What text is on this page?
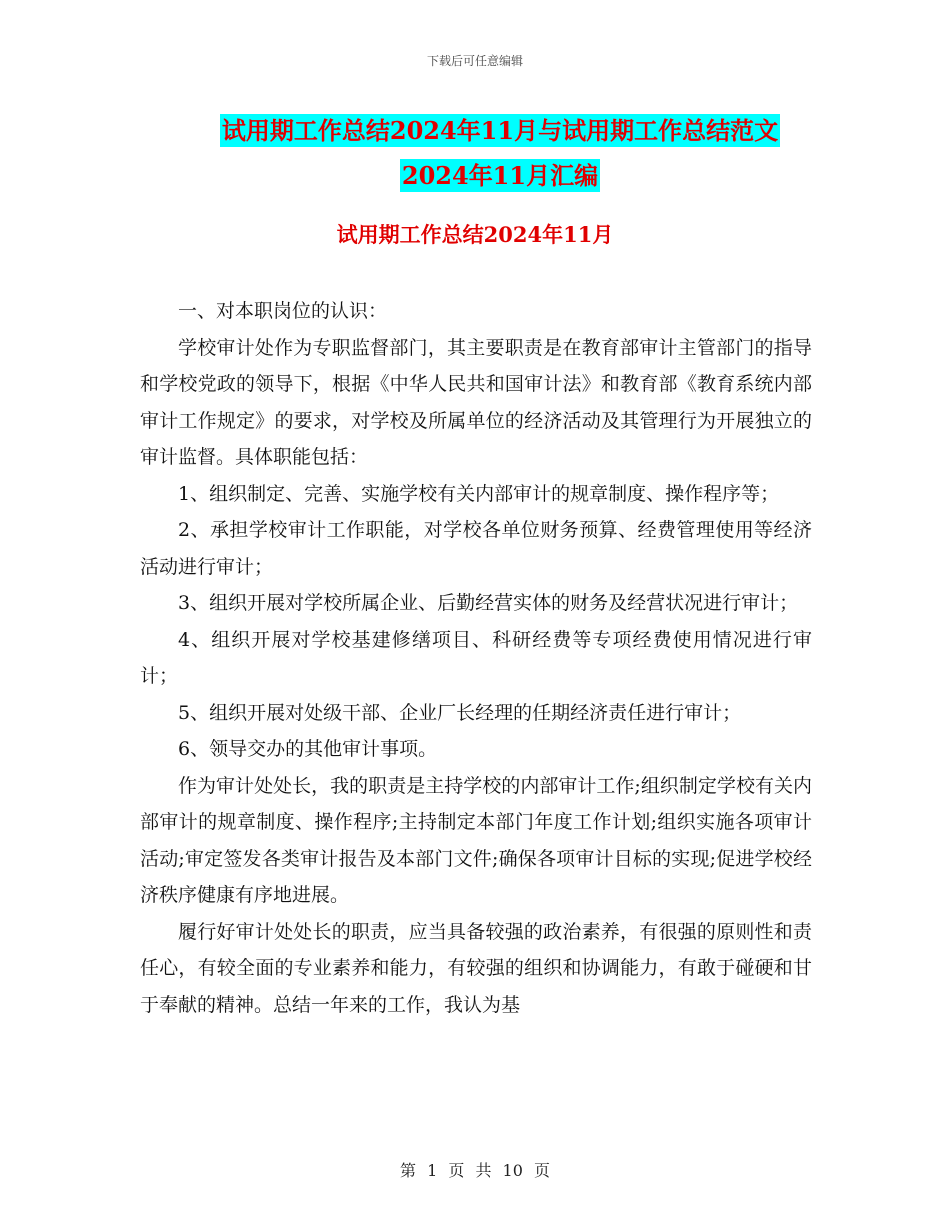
下载后可任意编辑
试用期工作总结2024年11月与试用期工作总结范文
2024年11月汇编
试用期工作总结2024年11月

一、对本职岗位的认识：

学校审计处作为专职监督部门，其主要职责是在教育部审计主管部门的指导和学校党政的领导下，根据《中华人民共和国审计法》和教育部《教育系统内部审计工作规定》的要求，对学校及所属单位的经济活动及其管理行为开展独立的审计监督。具体职能包括：

1、组织制定、完善、实施学校有关内部审计的规章制度、操作程序等；

2、承担学校审计工作职能，对学校各单位财务预算、经费管理使用等经济活动进行审计；

3、组织开展对学校所属企业、后勤经营实体的财务及经营状况进行审计；

4、组织开展对学校基建修缮项目、科研经费等专项经费使用情况进行审计；

5、组织开展对处级干部、企业厂长经理的任期经济责任进行审计；

6、领导交办的其他审计事项。

作为审计处处长，我的职责是主持学校的内部审计工作;组织制定学校有关内部审计的规章制度、操作程序;主持制定本部门年度工作计划;组织实施各项审计活动;审定签发各类审计报告及本部门文件;确保各项审计目标的实现;促进学校经济秩序健康有序地进展。

履行好审计处处长的职责，应当具备较强的政治素养，有很强的原则性和责任心，有较全面的专业素养和能力，有较强的组织和协调能力，有敢于碰硬和甘于奉献的精神。总结一年来的工作，我认为基

第 1 页 共 10 页
